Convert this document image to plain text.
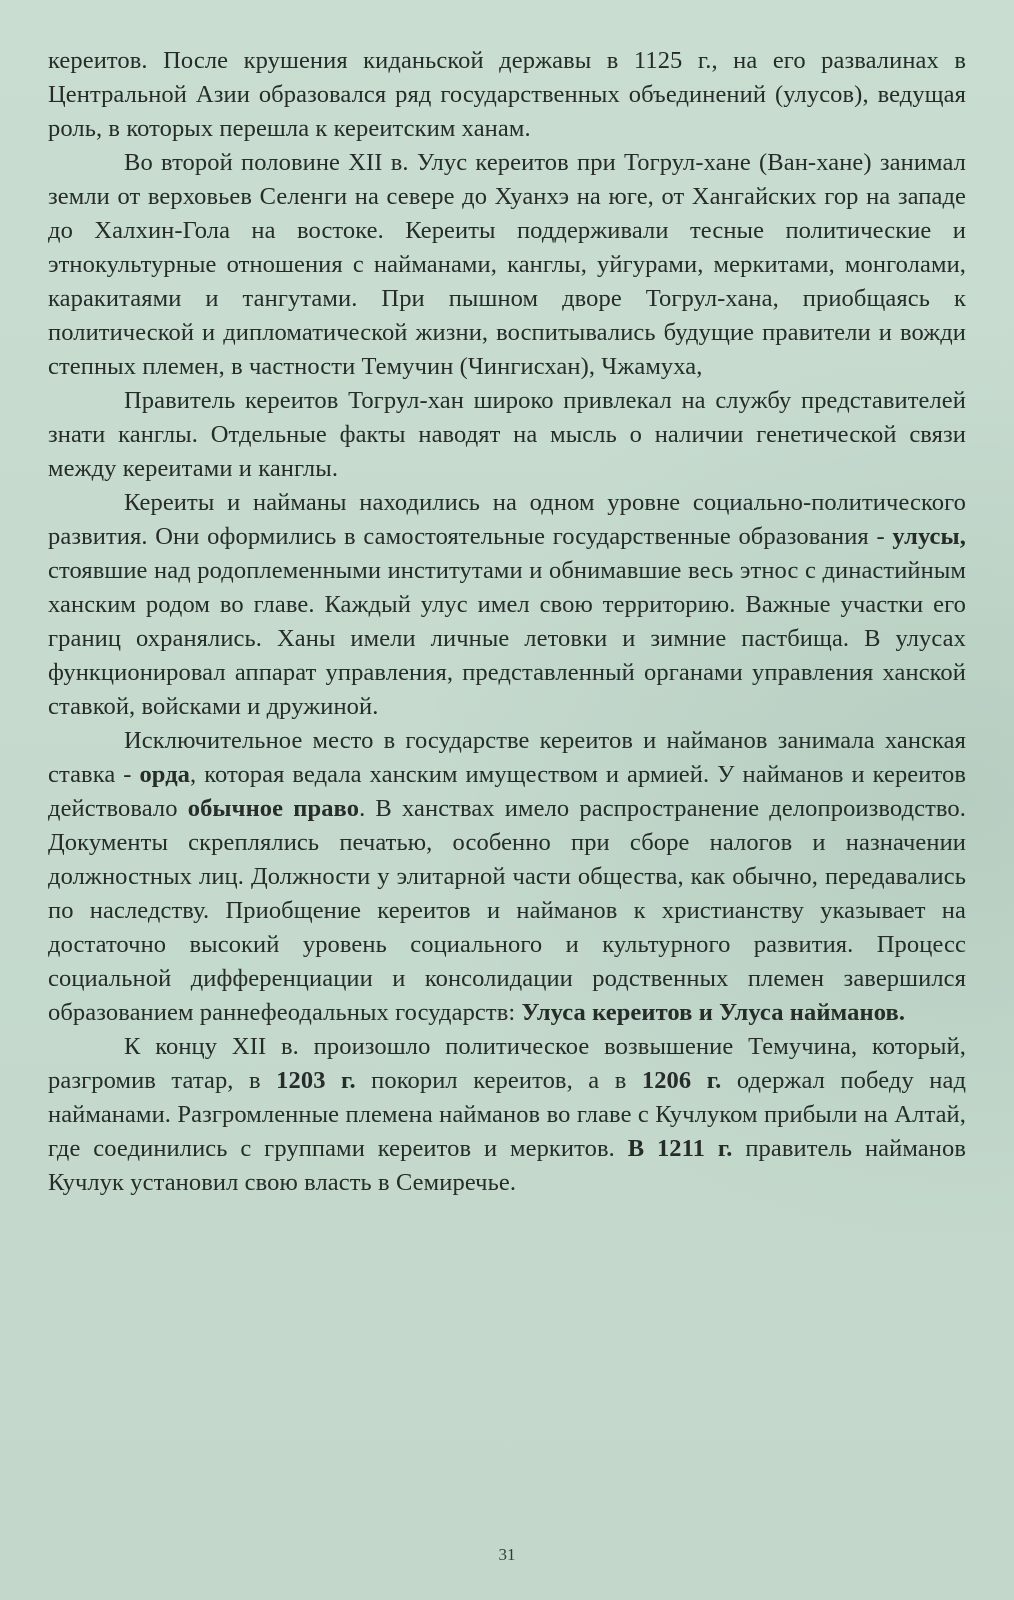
кереитов. После крушения киданьской державы в 1125 г., на его развалинах в Центральной Азии образовался ряд государственных объединений (улусов), ведущая роль, в которых перешла к кереитским ханам.

Во второй половине XII в. Улус кереитов при Тогрул-хане (Ван-хане) занимал земли от верховьев Селенги на севере до Хуанхэ на юге, от Хангайских гор на западе до Халхин-Гола на востоке. Кереиты поддерживали тесные политические и этнокультурные отношения с найманами, канглы, уйгурами, меркитами, монголами, каракитаями и тангутами. При пышном дворе Тогрул-хана, приобщаясь к политической и дипломатической жизни, воспитывались будущие правители и вожди степных племен, в частности Темучин (Чингисхан), Чжамуха,

Правитель кереитов Тогрул-хан широко привлекал на службу представителей знати канглы. Отдельные факты наводят на мысль о наличии генетической связи между кереитами и канглы.

Кереиты и найманы находились на одном уровне социально-политического развития. Они оформились в самостоятельные государственные образования - улусы, стоявшие над родоплеменными институтами и обнимавшие весь этнос с династийным ханским родом во главе. Каждый улус имел свою территорию. Важные участки его границ охранялись. Ханы имели личные летовки и зимние пастбища. В улусах функционировал аппарат управления, представленный органами управления ханской ставкой, войсками и дружиной.

Исключительное место в государстве кереитов и найманов занимала ханская ставка - орда, которая ведала ханским имуществом и армией. У найманов и кереитов действовало обычное право. В ханствах имело распространение делопроизводство. Документы скреплялись печатью, особенно при сборе налогов и назначении должностных лиц. Должности у элитарной части общества, как обычно, передавались по наследству. Приобщение кереитов и найманов к христианству указывает на достаточно высокий уровень социального и культурного развития. Процесс социальной дифференциации и консолидации родственных племен завершился образованием раннефеодальных государств: Улуса кереитов и Улуса найманов.

К концу XII в. произошло политическое возвышение Темучина, который, разгромив татар, в 1203 г. покорил кереитов, а в 1206 г. одержал победу над найманами. Разгромленные племена найманов во главе с Кучлуком прибыли на Алтай, где соединились с группами кереитов и меркитов. В 1211 г. правитель найманов Кучлук установил свою власть в Семиречье.

31
